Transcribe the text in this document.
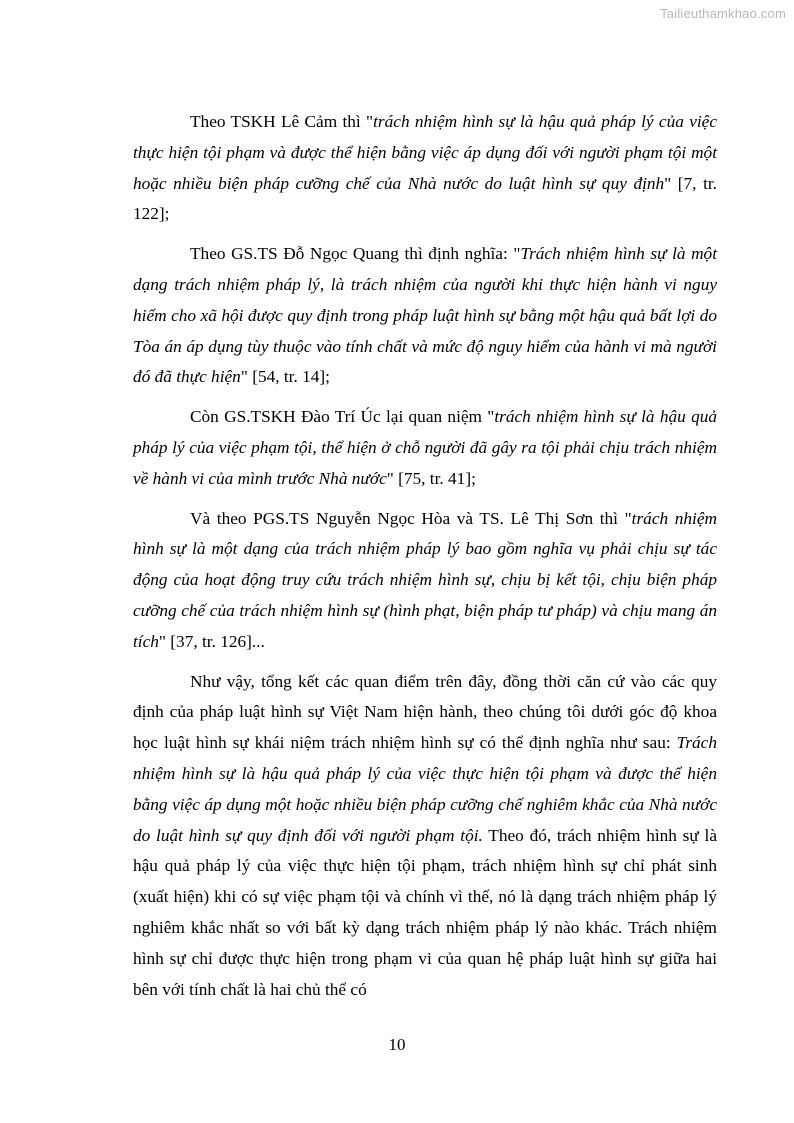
Tailieuthamkhao.com

Theo TSKH Lê Cảm thì "trách nhiệm hình sự là hậu quả pháp lý của việc thực hiện tội phạm và được thể hiện bằng việc áp dụng đối với người phạm tội một hoặc nhiều biện pháp cưỡng chế của Nhà nước do luật hình sự quy định" [7, tr. 122];

Theo GS.TS Đỗ Ngọc Quang thì định nghĩa: "Trách nhiệm hình sự là một dạng trách nhiệm pháp lý, là trách nhiệm của người khi thực hiện hành vi nguy hiểm cho xã hội được quy định trong pháp luật hình sự bằng một hậu quả bất lợi do Tòa án áp dụng tùy thuộc vào tính chất và mức độ nguy hiểm của hành vi mà người đó đã thực hiện" [54, tr. 14];

Còn GS.TSKH Đào Trí Úc lại quan niệm "trách nhiệm hình sự là hậu quả pháp lý của việc phạm tội, thể hiện ở chỗ người đã gây ra tội phải chịu trách nhiệm về hành vi của mình trước Nhà nước" [75, tr. 41];

Và theo PGS.TS Nguyễn Ngọc Hòa và TS. Lê Thị Sơn thì "trách nhiệm hình sự là một dạng của trách nhiệm pháp lý bao gồm nghĩa vụ phải chịu sự tác động của hoạt động truy cứu trách nhiệm hình sự, chịu bị kết tội, chịu biện pháp cưỡng chế của trách nhiệm hình sự (hình phạt, biện pháp tư pháp) và chịu mang án tích" [37, tr. 126]...

Như vậy, tổng kết các quan điểm trên đây, đồng thời căn cứ vào các quy định của pháp luật hình sự Việt Nam hiện hành, theo chúng tôi dưới góc độ khoa học luật hình sự khái niệm trách nhiệm hình sự có thể định nghĩa như sau: Trách nhiệm hình sự là hậu quả pháp lý của việc thực hiện tội phạm và được thể hiện bằng việc áp dụng một hoặc nhiều biện pháp cưỡng chế nghiêm khắc của Nhà nước do luật hình sự quy định đối với người phạm tội. Theo đó, trách nhiệm hình sự là hậu quả pháp lý của việc thực hiện tội phạm, trách nhiệm hình sự chỉ phát sinh (xuất hiện) khi có sự việc phạm tội và chính vì thế, nó là dạng trách nhiệm pháp lý nghiêm khắc nhất so với bất kỳ dạng trách nhiệm pháp lý nào khác. Trách nhiệm hình sự chỉ được thực hiện trong phạm vi của quan hệ pháp luật hình sự giữa hai bên với tính chất là hai chủ thể có

10
